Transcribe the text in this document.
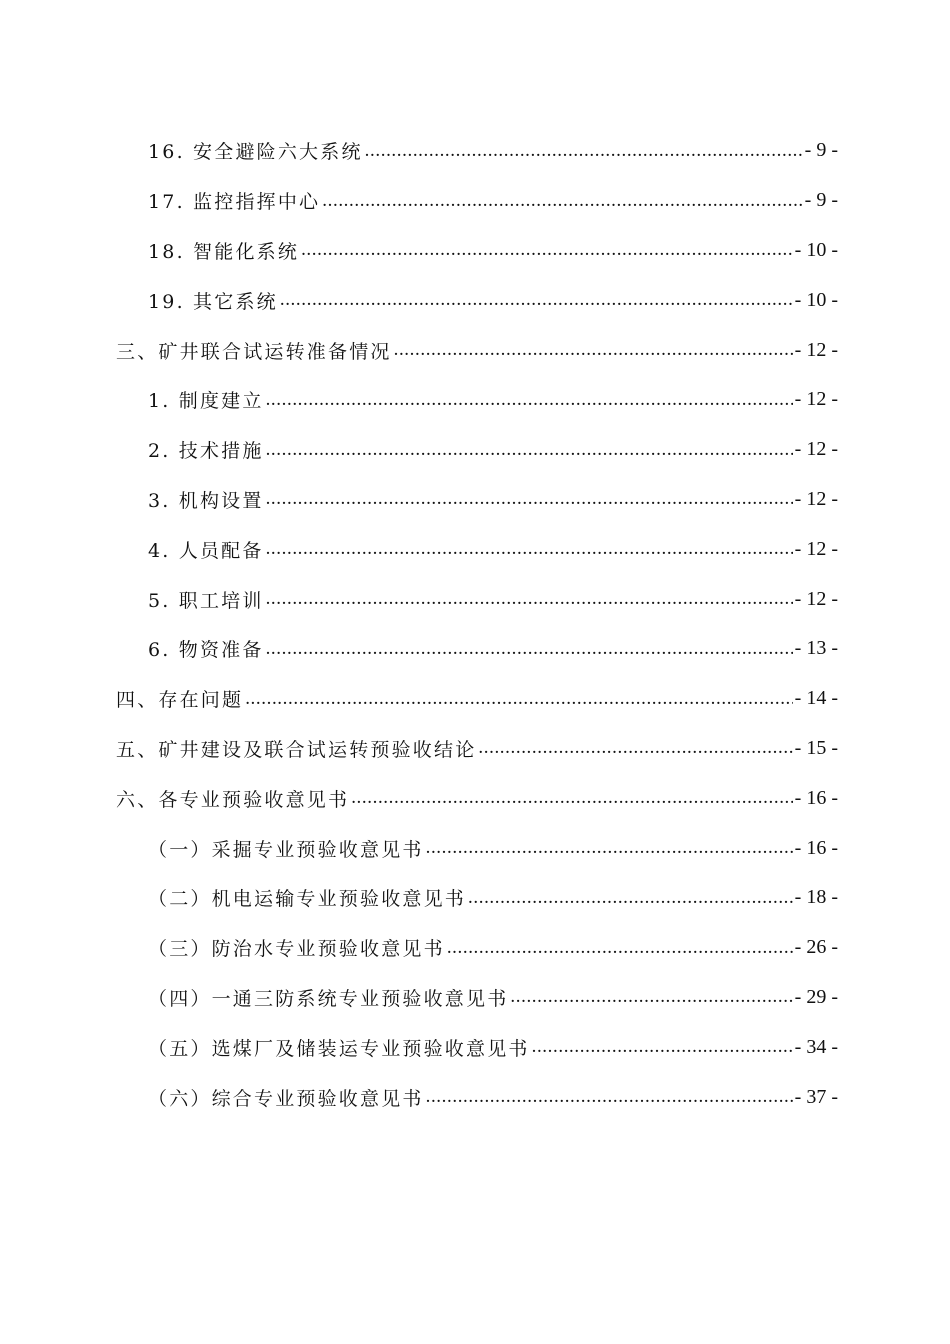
16. 安全避险六大系统 .....	- 9 -
17. 监控指挥中心 .....	- 9 -
18. 智能化系统 .....	- 10 -
19. 其它系统 .....	- 10 -
三、矿井联合试运转准备情况 .....	- 12 -
1. 制度建立 .....	- 12 -
2. 技术措施 .....	- 12 -
3. 机构设置 .....	- 12 -
4. 人员配备 .....	- 12 -
5. 职工培训 .....	- 12 -
6. 物资准备 .....	- 13 -
四、存在问题 .....	- 14 -
五、矿井建设及联合试运转预验收结论 .....	- 15 -
六、各专业预验收意见书 .....	- 16 -
（一）采掘专业预验收意见书 .....	- 16 -
（二）机电运输专业预验收意见书 .....	- 18 -
（三）防治水专业预验收意见书 .....	- 26 -
（四）一通三防系统专业预验收意见书 .....	- 29 -
（五）选煤厂及储装运专业预验收意见书 .....	- 34 -
（六）综合专业预验收意见书 .....	- 37 -
